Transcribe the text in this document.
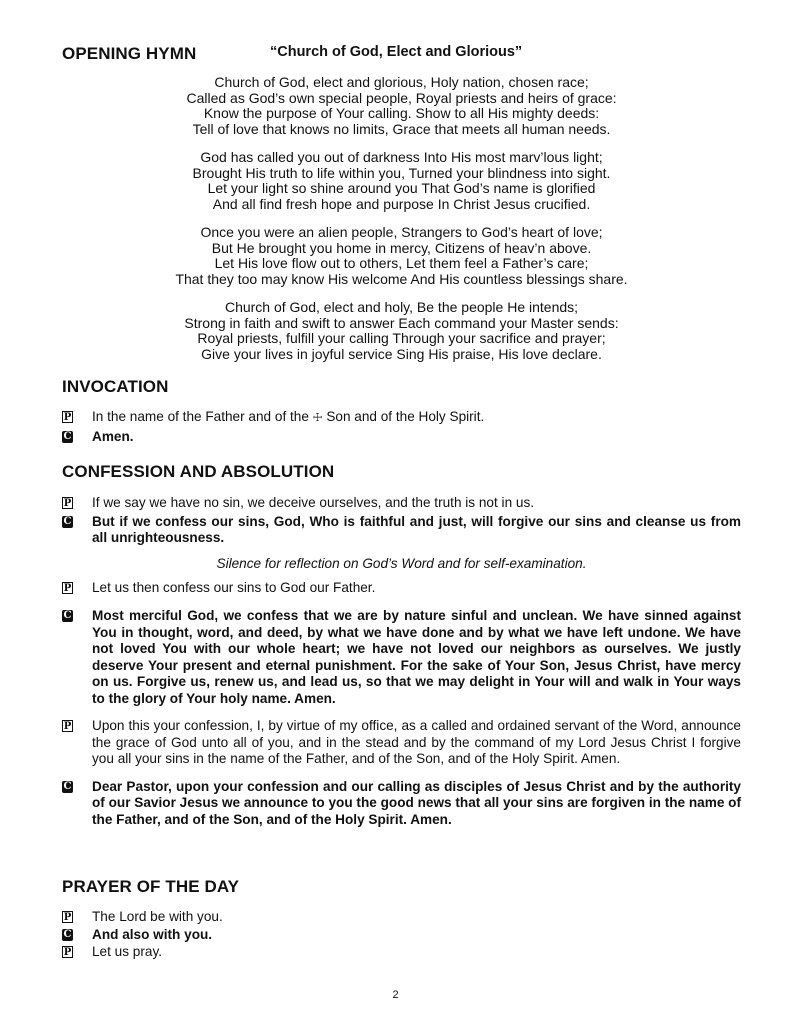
OPENING HYMN	“Church of God, Elect and Glorious”
Church of God, elect and glorious, Holy nation, chosen race;
Called as God’s own special people, Royal priests and heirs of grace:
Know the purpose of Your calling. Show to all His mighty deeds:
Tell of love that knows no limits, Grace that meets all human needs.
God has called you out of darkness Into His most marv’lous light;
Brought His truth to life within you, Turned your blindness into sight.
Let your light so shine around you That God’s name is glorified
And all find fresh hope and purpose In Christ Jesus crucified.
Once you were an alien people, Strangers to God’s heart of love;
But He brought you home in mercy, Citizens of heav’n above.
Let His love flow out to others, Let them feel a Father’s care;
That they too may know His welcome And His countless blessings share.
Church of God, elect and holy, Be the people He intends;
Strong in faith and swift to answer Each command your Master sends:
Royal priests, fulfill your calling Through your sacrifice and prayer;
Give your lives in joyful service Sing His praise, His love declare.
INVOCATION
P In the name of the Father and of the ☩ Son and of the Holy Spirit.
C Amen.
CONFESSION AND ABSOLUTION
P If we say we have no sin, we deceive ourselves, and the truth is not in us.
C But if we confess our sins, God, Who is faithful and just, will forgive our sins and cleanse us from all unrighteousness.
Silence for reflection on God’s Word and for self-examination.
P Let us then confess our sins to God our Father.
C Most merciful God, we confess that we are by nature sinful and unclean. We have sinned against You in thought, word, and deed, by what we have done and by what we have left undone. We have not loved You with our whole heart; we have not loved our neighbors as ourselves. We justly deserve Your present and eternal punishment. For the sake of Your Son, Jesus Christ, have mercy on us. Forgive us, renew us, and lead us, so that we may delight in Your will and walk in Your ways to the glory of Your holy name. Amen.
P Upon this your confession, I, by virtue of my office, as a called and ordained servant of the Word, announce the grace of God unto all of you, and in the stead and by the command of my Lord Jesus Christ I forgive you all your sins in the name of the Father, and of the Son, and of the Holy Spirit. Amen.
C Dear Pastor, upon your confession and our calling as disciples of Jesus Christ and by the authority of our Savior Jesus we announce to you the good news that all your sins are forgiven in the name of the Father, and of the Son, and of the Holy Spirit. Amen.
PRAYER OF THE DAY
P The Lord be with you.
C And also with you.
P Let us pray.
2
